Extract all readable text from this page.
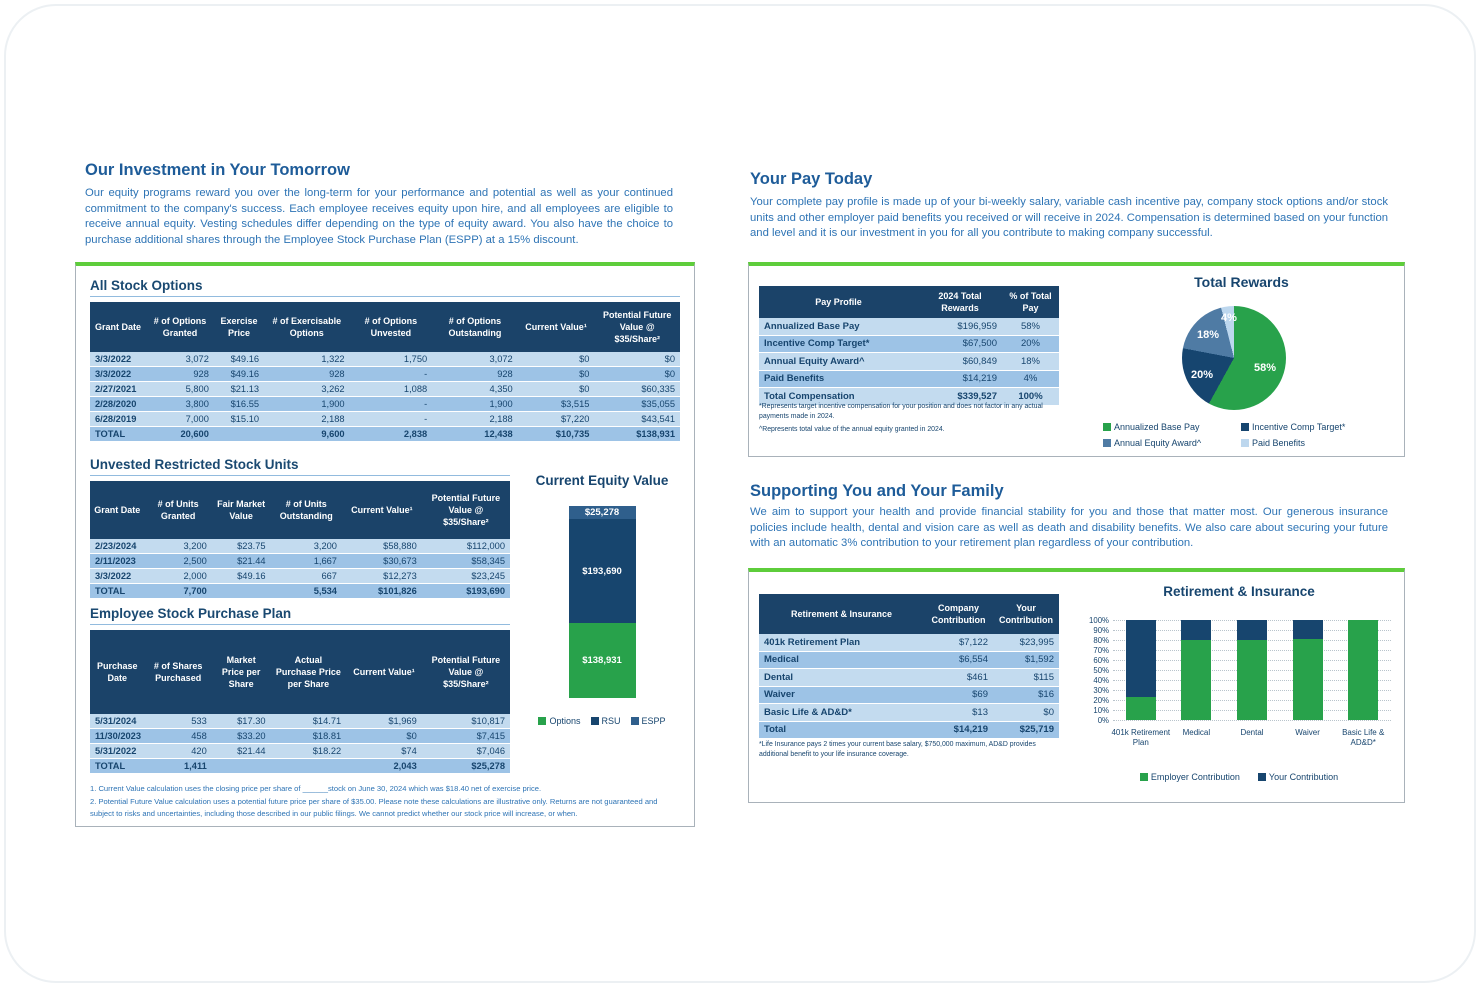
Our Investment in Your Tomorrow
Our equity programs reward you over the long-term for your performance and potential as well as your continued commitment to the company's success. Each employee receives equity upon hire, and all employees are eligible to receive annual equity. Vesting schedules differ depending on the type of equity award. You also have the choice to purchase additional shares through the Employee Stock Purchase Plan (ESPP) at a 15% discount.
All Stock Options
Grant Date	# of Options Granted	Exercise Price	# of Exercisable Options	# of Options Unvested	# of Options Outstanding	Current Value¹	Potential Future Value @ $35/Share²
3/3/2022	3,072	$49.16	1,322	1,750	3,072	$0	$0
3/3/2022	928	$49.16	928	-	928	$0	$0
2/27/2021	5,800	$21.13	3,262	1,088	4,350	$0	$60,335
2/28/2020	3,800	$16.55	1,900	-	1,900	$3,515	$35,055
6/28/2019	7,000	$15.10	2,188	-	2,188	$7,220	$43,541
TOTAL	20,600		9,600	2,838	12,438	$10,735	$138,931
Unvested Restricted Stock Units
Grant Date	# of Units Granted	Fair Market Value	# of Units Outstanding	Current Value¹	Potential Future Value @ $35/Share²
2/23/2024	3,200	$23.75	3,200	$58,880	$112,000
2/11/2023	2,500	$21.44	1,667	$30,673	$58,345
3/3/2022	2,000	$49.16	667	$12,273	$23,245
TOTAL	7,700		5,534	$101,826	$193,690
Employee Stock Purchase Plan
Purchase Date	# of Shares Purchased	Market Price per Share	Actual Purchase Price per Share	Current Value¹	Potential Future Value @ $35/Share²
5/31/2024	533	$17.30	$14.71	$1,969	$10,817
11/30/2023	458	$33.20	$18.81	$0	$7,415
5/31/2022	420	$21.44	$18.22	$74	$7,046
TOTAL	1,411			2,043	$25,278
1. Current Value calculation uses the closing price per share of ______stock on June 30, 2024 which was $18.40 net of exercise price.
2. Potential Future Value calculation uses a potential future price per share of $35.00. Please note these calculations are illustrative only. Returns are not guaranteed and subject to risks and uncertainties, including those described in our public filings. We cannot predict whether our stock price will increase, or when.
Current Equity Value
$25,278
$193,690
$138,931
Options RSU ESPP
Your Pay Today
Your complete pay profile is made up of your bi-weekly salary, variable cash incentive pay, company stock options and/or stock units and other employer paid benefits you received or will receive in 2024. Compensation is determined based on your function and level and it is our investment in you for all you contribute to making company successful.
Pay Profile	2024 Total Rewards	% of Total Pay
Annualized Base Pay	$196,959	58%
Incentive Comp Target*	$67,500	20%
Annual Equity Award^	$60,849	18%
Paid Benefits	$14,219	4%
Total Compensation	$339,527	100%
*Represents target incentive compensation for your position and does not factor in any actual payments made in 2024.
^Represents total value of the annual equity granted in 2024.
Total Rewards
58%
20%
18%
4%
Annualized Base Pay	Incentive Comp Target*
Annual Equity Award^	Paid Benefits
Supporting You and Your Family
We aim to support your health and provide financial stability for you and those that matter most. Our generous insurance policies include health, dental and vision care as well as death and disability benefits. We also care about securing your future with an automatic 3% contribution to your retirement plan regardless of your contribution.
Retirement & Insurance	Company Contribution	Your Contribution
401k Retirement Plan	$7,122	$23,995
Medical	$6,554	$1,592
Dental	$461	$115
Waiver	$69	$16
Basic Life & AD&D*	$13	$0
Total	$14,219	$25,719
*Life Insurance pays 2 times your current base salary, $750,000 maximum, AD&D provides additional benefit to your life insurance coverage.
Retirement & Insurance
0%
10%
20%
30%
40%
50%
60%
70%
80%
90%
100%
401k Retirement Plan
Medical	Dental	Waiver	Basic Life & AD&D*
Employer Contribution	Your Contribution
